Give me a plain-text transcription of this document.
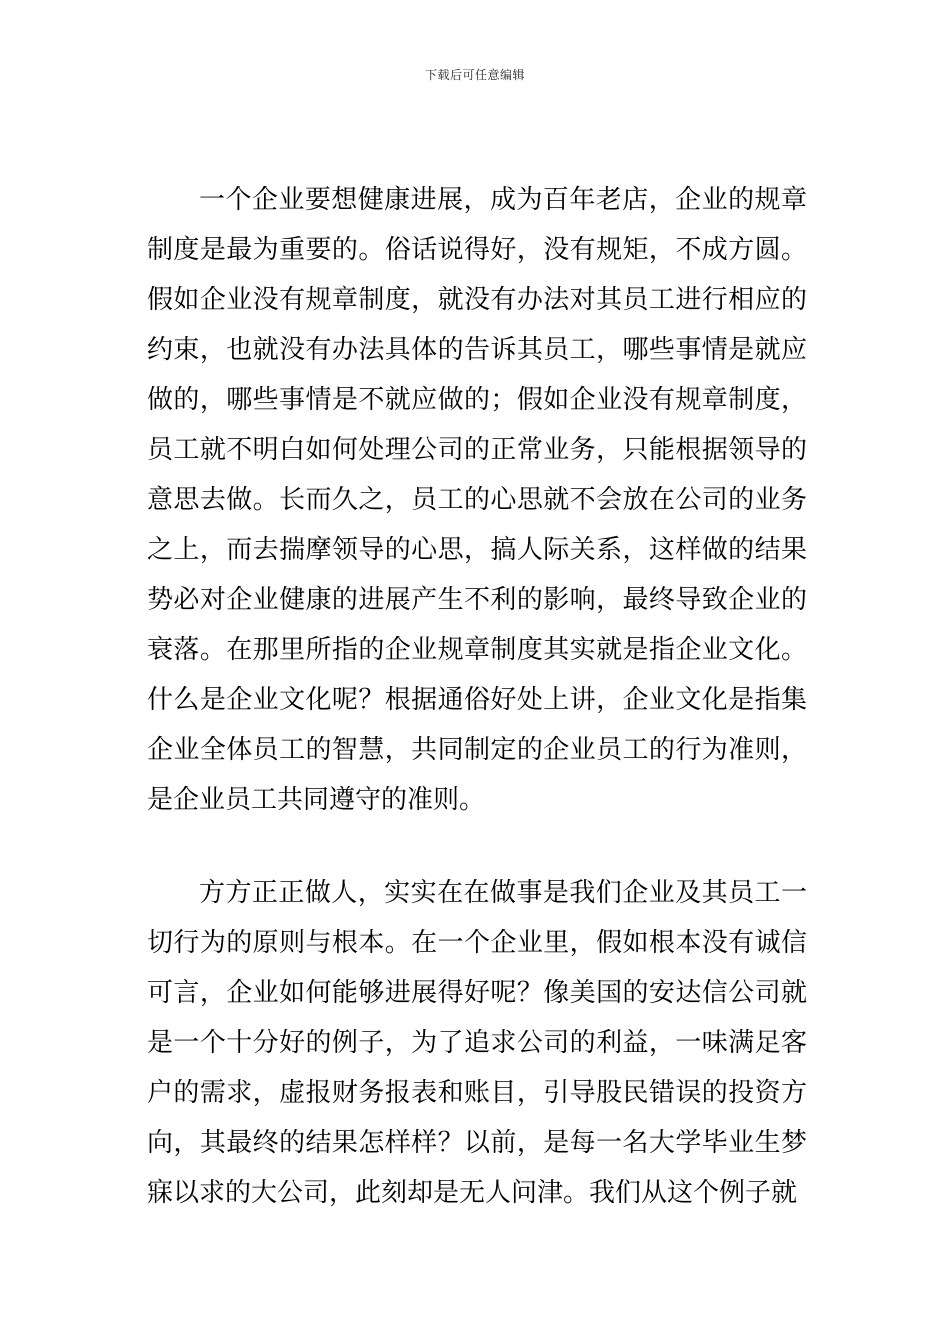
下载后可任意编辑

一个企业要想健康进展，成为百年老店，企业的规章制度是最为重要的。俗话说得好，没有规矩，不成方圆。假如企业没有规章制度，就没有办法对其员工进行相应的约束，也就没有办法具体的告诉其员工，哪些事情是就应做的，哪些事情是不就应做的；假如企业没有规章制度，员工就不明白如何处理公司的正常业务，只能根据领导的意思去做。长而久之，员工的心思就不会放在公司的业务之上，而去揣摩领导的心思，搞人际关系，这样做的结果势必对企业健康的进展产生不利的影响，最终导致企业的衰落。在那里所指的企业规章制度其实就是指企业文化。什么是企业文化呢？根据通俗好处上讲，企业文化是指集企业全体员工的智慧，共同制定的企业员工的行为准则，是企业员工共同遵守的准则。

方方正正做人，实实在在做事是我们企业及其员工一切行为的原则与根本。在一个企业里，假如根本没有诚信可言，企业如何能够进展得好呢？像美国的安达信公司就是一个十分好的例子，为了追求公司的利益，一味满足客户的需求，虚报财务报表和账目，引导股民错误的投资方向，其最终的结果怎样样？以前，是每一名大学毕业生梦寐以求的大公司，此刻却是无人问津。我们从这个例子就
